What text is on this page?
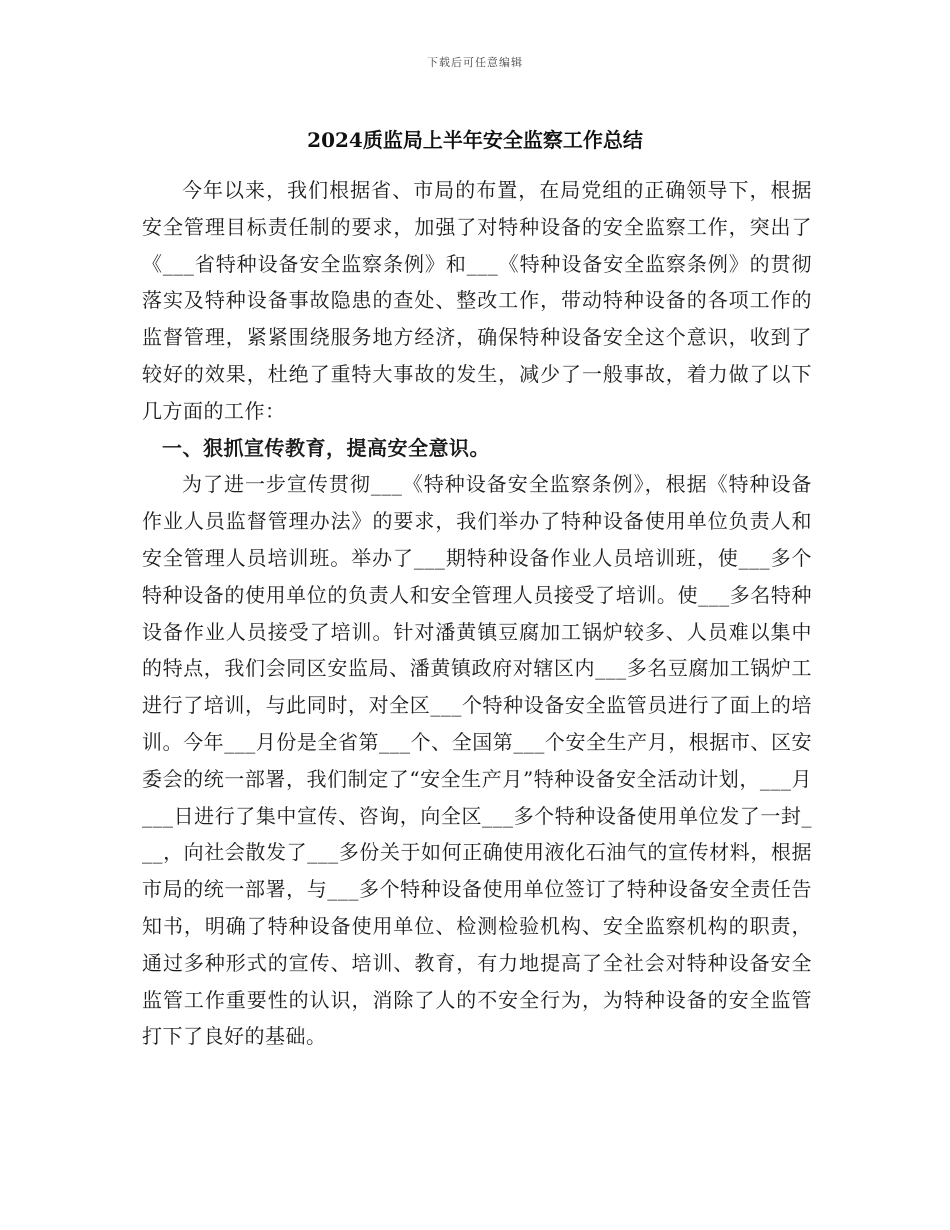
下载后可任意编辑
2024质监局上半年安全监察工作总结

今年以来，我们根据省、市局的布置，在局党组的正确领导下，根据安全管理目标责任制的要求，加强了对特种设备的安全监察工作，突出了《___省特种设备安全监察条例》和___《特种设备安全监察条例》的贯彻落实及特种设备事故隐患的查处、整改工作，带动特种设备的各项工作的监督管理，紧紧围绕服务地方经济，确保特种设备安全这个意识，收到了较好的效果，杜绝了重特大事故的发生，减少了一般事故，着力做了以下几方面的工作：

一、狠抓宣传教育，提高安全意识。

为了进一步宣传贯彻___《特种设备安全监察条例》，根据《特种设备作业人员监督管理办法》的要求，我们举办了特种设备使用单位负责人和安全管理人员培训班。举办了___期特种设备作业人员培训班，使___多个特种设备的使用单位的负责人和安全管理人员接受了培训。使___多名特种设备作业人员接受了培训。针对潘黄镇豆腐加工锅炉较多、人员难以集中的特点，我们会同区安监局、潘黄镇政府对辖区内___多名豆腐加工锅炉工进行了培训，与此同时，对全区___个特种设备安全监管员进行了面上的培训。今年___月份是全省第___个、全国第___个安全生产月，根据市、区安委会的统一部署，我们制定了“安全生产月”特种设备安全活动计划，___月___日进行了集中宣传、咨询，向全区___多个特种设备使用单位发了一封___，向社会散发了___多份关于如何正确使用液化石油气的宣传材料，根据市局的统一部署，与___多个特种设备使用单位签订了特种设备安全责任告知书，明确了特种设备使用单位、检测检验机构、安全监察机构的职责，通过多种形式的宣传、培训、教育，有力地提高了全社会对特种设备安全监管工作重要性的认识，消除了人的不安全行为，为特种设备的安全监管打下了良好的基础。
